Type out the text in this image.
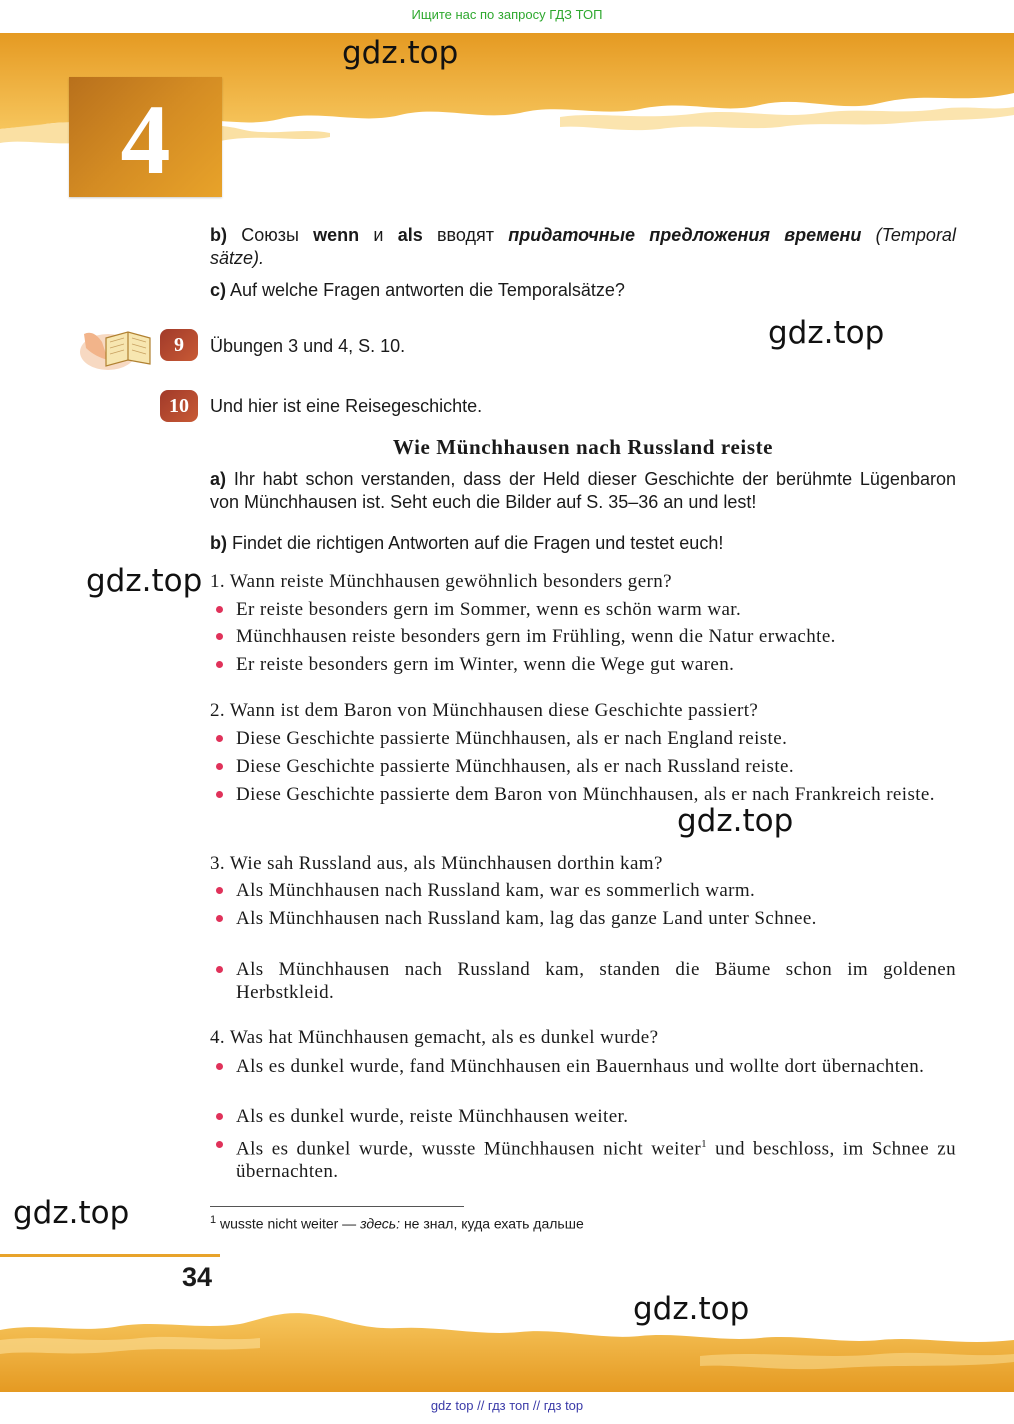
Ищите нас по запросу ГДЗ ТОП
4
gdz.top
b) Союзы wenn и als вводят придаточные предложения времени (Temporal
sätze).
c) Auf welche Fragen antworten die Temporalsätze?
9	Übungen 3 und 4, S. 10.	gdz.top
10	Und hier ist eine Reisegeschichte.
Wie Münchhausen nach Russland reiste
a) Ihr habt schon verstanden, dass der Held dieser Geschichte der berühmte Lügenbaron von Münchhausen ist. Seht euch die Bilder auf S. 35–36 an und lest!
b) Findet die richtigen Antworten auf die Fragen und testet euch!
gdz.top 1. Wann reiste Münchhausen gewöhnlich besonders gern?
Er reiste besonders gern im Sommer, wenn es schön warm war.
Münchhausen reiste besonders gern im Frühling, wenn die Natur erwachte.
Er reiste besonders gern im Winter, wenn die Wege gut waren.
2. Wann ist dem Baron von Münchhausen diese Geschichte passiert?
Diese Geschichte passierte Münchhausen, als er nach England reiste.
Diese Geschichte passierte Münchhausen, als er nach Russland reiste.
Diese Geschichte passierte dem Baron von Münchhausen, als er nach Frankreich reiste.
gdz.top
3. Wie sah Russland aus, als Münchhausen dorthin kam?
Als Münchhausen nach Russland kam, war es sommerlich warm.
Als Münchhausen nach Russland kam, lag das ganze Land unter Schnee.
Als Münchhausen nach Russland kam, standen die Bäume schon im goldenen Herbstkleid.
4. Was hat Münchhausen gemacht, als es dunkel wurde?
Als es dunkel wurde, fand Münchhausen ein Bauernhaus und wollte dort übernachten.
Als es dunkel wurde, reiste Münchhausen weiter.
Als es dunkel wurde, wusste Münchhausen nicht weiter$^1$ und beschloss, im Schnee zu übernachten.
$^1$ wusste nicht weiter — здесь: не знал, куда ехать дальше
gdz.top
34
gdz.top
gdz top // гдз топ // гдз top
